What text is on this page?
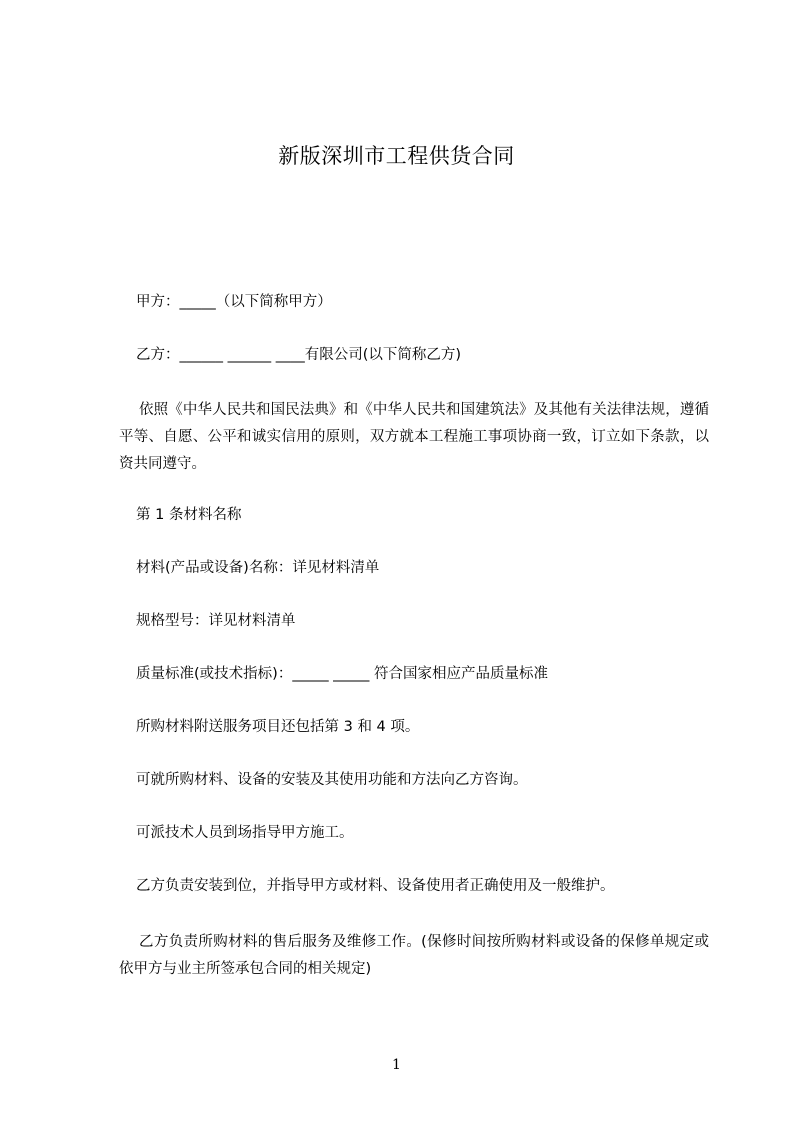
新版深圳市工程供货合同
甲方：_____（以下简称甲方）
乙方：______ ______ ____有限公司(以下简称乙方)
依照《中华人民共和国民法典》和《中华人民共和国建筑法》及其他有关法律法规，遵循平等、自愿、公平和诚实信用的原则，双方就本工程施工事项协商一致，订立如下条款，以资共同遵守。
第 1 条材料名称
材料(产品或设备)名称：详见材料清单
规格型号：详见材料清单
质量标准(或技术指标)：_____ _____ 符合国家相应产品质量标准
所购材料附送服务项目还包括第 3 和 4 项。
可就所购材料、设备的安装及其使用功能和方法向乙方咨询。
可派技术人员到场指导甲方施工。
乙方负责安装到位，并指导甲方或材料、设备使用者正确使用及一般维护。
乙方负责所购材料的售后服务及维修工作。(保修时间按所购材料或设备的保修单规定或依甲方与业主所签承包合同的相关规定)
1
